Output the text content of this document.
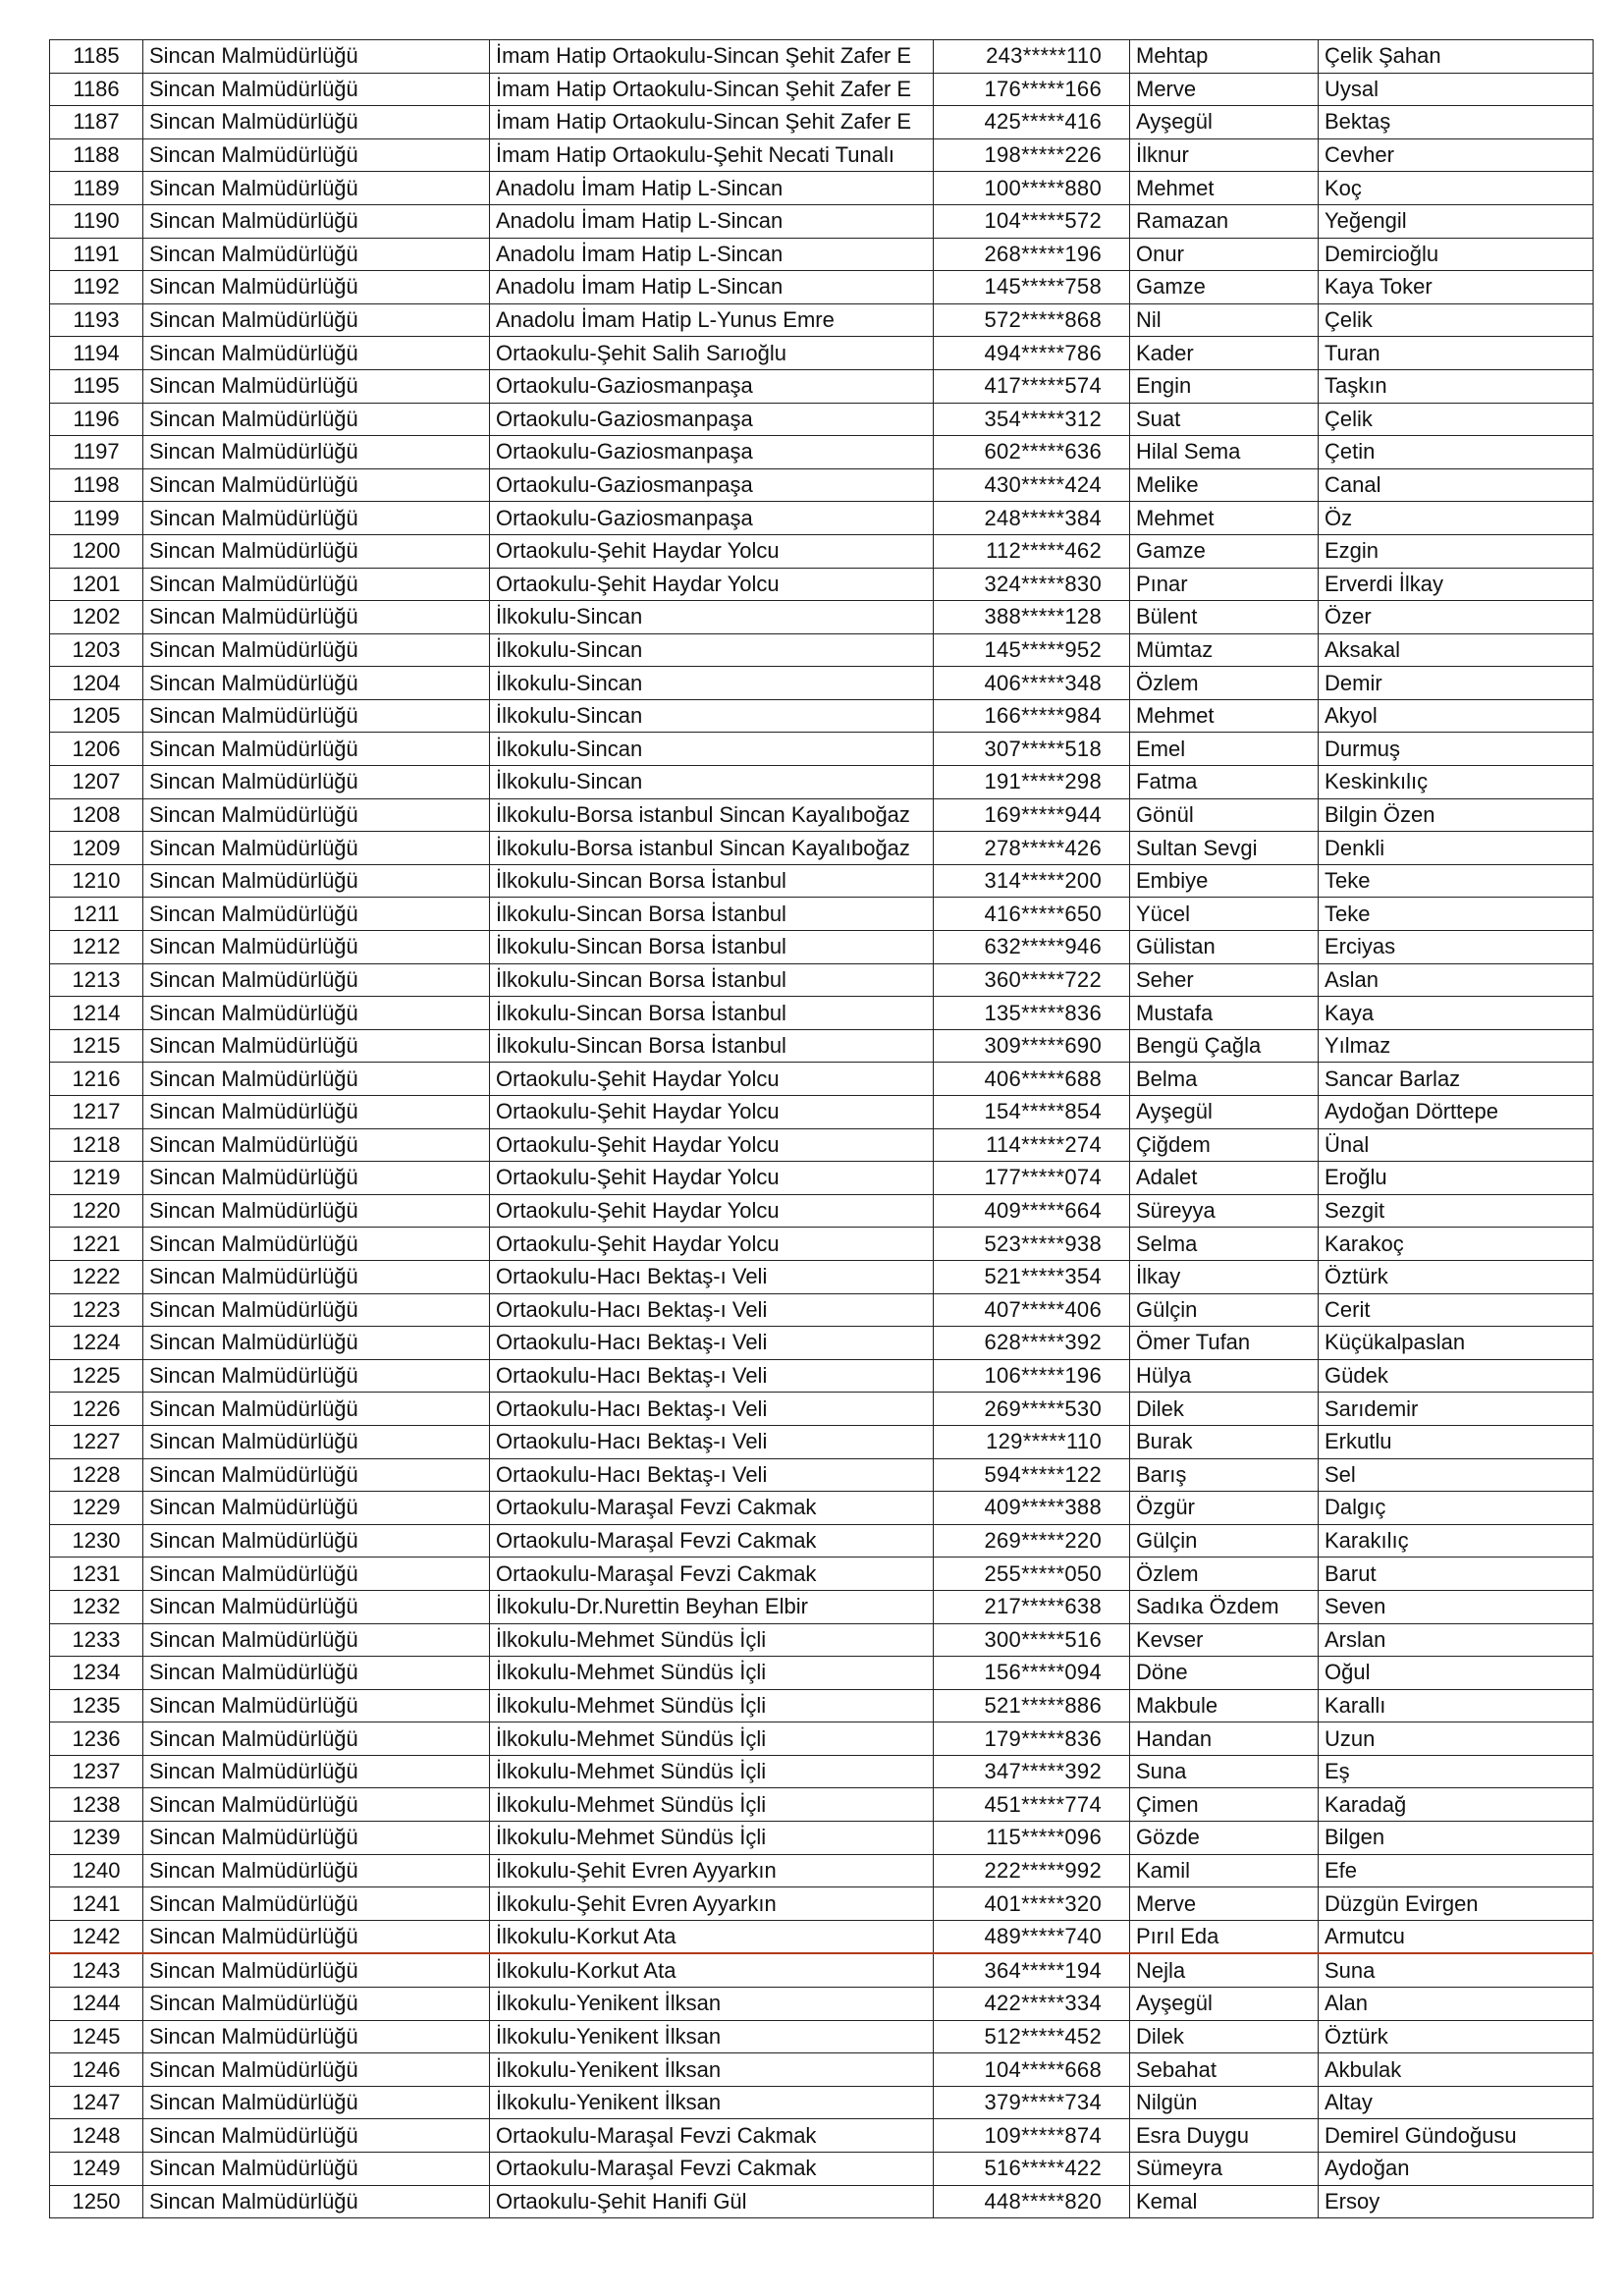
1185	Sincan Malmüdürlüğü	İmam Hatip Ortaokulu-Sincan Şehit Zafer E	243*****110	Mehtap	Çelik Şahan
1186	Sincan Malmüdürlüğü	İmam Hatip Ortaokulu-Sincan Şehit Zafer E	176*****166	Merve	Uysal
1187	Sincan Malmüdürlüğü	İmam Hatip Ortaokulu-Sincan Şehit Zafer E	425*****416	Ayşegül	Bektaş
1188	Sincan Malmüdürlüğü	İmam Hatip Ortaokulu-Şehit Necati Tunalı	198*****226	İlknur	Cevher
1189	Sincan Malmüdürlüğü	Anadolu İmam Hatip L-Sincan	100*****880	Mehmet	Koç
1190	Sincan Malmüdürlüğü	Anadolu İmam Hatip L-Sincan	104*****572	Ramazan	Yeğengil
1191	Sincan Malmüdürlüğü	Anadolu İmam Hatip L-Sincan	268*****196	Onur	Demircioğlu
1192	Sincan Malmüdürlüğü	Anadolu İmam Hatip L-Sincan	145*****758	Gamze	Kaya Toker
1193	Sincan Malmüdürlüğü	Anadolu İmam Hatip L-Yunus Emre	572*****868	Nil	Çelik
1194	Sincan Malmüdürlüğü	Ortaokulu-Şehit Salih Sarıoğlu	494*****786	Kader	Turan
1195	Sincan Malmüdürlüğü	Ortaokulu-Gaziosmanpaşa	417*****574	Engin	Taşkın
1196	Sincan Malmüdürlüğü	Ortaokulu-Gaziosmanpaşa	354*****312	Suat	Çelik
1197	Sincan Malmüdürlüğü	Ortaokulu-Gaziosmanpaşa	602*****636	Hilal Sema	Çetin
1198	Sincan Malmüdürlüğü	Ortaokulu-Gaziosmanpaşa	430*****424	Melike	Canal
1199	Sincan Malmüdürlüğü	Ortaokulu-Gaziosmanpaşa	248*****384	Mehmet	Öz
1200	Sincan Malmüdürlüğü	Ortaokulu-Şehit Haydar Yolcu	112*****462	Gamze	Ezgin
1201	Sincan Malmüdürlüğü	Ortaokulu-Şehit Haydar Yolcu	324*****830	Pınar	Erverdi İlkay
1202	Sincan Malmüdürlüğü	İlkokulu-Sincan	388*****128	Bülent	Özer
1203	Sincan Malmüdürlüğü	İlkokulu-Sincan	145*****952	Mümtaz	Aksakal
1204	Sincan Malmüdürlüğü	İlkokulu-Sincan	406*****348	Özlem	Demir
1205	Sincan Malmüdürlüğü	İlkokulu-Sincan	166*****984	Mehmet	Akyol
1206	Sincan Malmüdürlüğü	İlkokulu-Sincan	307*****518	Emel	Durmuş
1207	Sincan Malmüdürlüğü	İlkokulu-Sincan	191*****298	Fatma	Keskinkılıç
1208	Sincan Malmüdürlüğü	İlkokulu-Borsa istanbul Sincan Kayalıboğaz	169*****944	Gönül	Bilgin Özen
1209	Sincan Malmüdürlüğü	İlkokulu-Borsa istanbul Sincan Kayalıboğaz	278*****426	Sultan Sevgi	Denkli
1210	Sincan Malmüdürlüğü	İlkokulu-Sincan Borsa İstanbul	314*****200	Embiye	Teke
1211	Sincan Malmüdürlüğü	İlkokulu-Sincan Borsa İstanbul	416*****650	Yücel	Teke
1212	Sincan Malmüdürlüğü	İlkokulu-Sincan Borsa İstanbul	632*****946	Gülistan	Erciyas
1213	Sincan Malmüdürlüğü	İlkokulu-Sincan Borsa İstanbul	360*****722	Seher	Aslan
1214	Sincan Malmüdürlüğü	İlkokulu-Sincan Borsa İstanbul	135*****836	Mustafa	Kaya
1215	Sincan Malmüdürlüğü	İlkokulu-Sincan Borsa İstanbul	309*****690	Bengü Çağla	Yılmaz
1216	Sincan Malmüdürlüğü	Ortaokulu-Şehit Haydar Yolcu	406*****688	Belma	Sancar Barlaz
1217	Sincan Malmüdürlüğü	Ortaokulu-Şehit Haydar Yolcu	154*****854	Ayşegül	Aydoğan Dörttepe
1218	Sincan Malmüdürlüğü	Ortaokulu-Şehit Haydar Yolcu	114*****274	Çiğdem	Ünal
1219	Sincan Malmüdürlüğü	Ortaokulu-Şehit Haydar Yolcu	177*****074	Adalet	Eroğlu
1220	Sincan Malmüdürlüğü	Ortaokulu-Şehit Haydar Yolcu	409*****664	Süreyya	Sezgit
1221	Sincan Malmüdürlüğü	Ortaokulu-Şehit Haydar Yolcu	523*****938	Selma	Karakoç
1222	Sincan Malmüdürlüğü	Ortaokulu-Hacı Bektaş-ı Veli	521*****354	İlkay	Öztürk
1223	Sincan Malmüdürlüğü	Ortaokulu-Hacı Bektaş-ı Veli	407*****406	Gülçin	Cerit
1224	Sincan Malmüdürlüğü	Ortaokulu-Hacı Bektaş-ı Veli	628*****392	Ömer Tufan	Küçükalpaslan
1225	Sincan Malmüdürlüğü	Ortaokulu-Hacı Bektaş-ı Veli	106*****196	Hülya	Güdek
1226	Sincan Malmüdürlüğü	Ortaokulu-Hacı Bektaş-ı Veli	269*****530	Dilek	Sarıdemir
1227	Sincan Malmüdürlüğü	Ortaokulu-Hacı Bektaş-ı Veli	129*****110	Burak	Erkutlu
1228	Sincan Malmüdürlüğü	Ortaokulu-Hacı Bektaş-ı Veli	594*****122	Barış	Sel
1229	Sincan Malmüdürlüğü	Ortaokulu-Maraşal Fevzi Cakmak	409*****388	Özgür	Dalgıç
1230	Sincan Malmüdürlüğü	Ortaokulu-Maraşal Fevzi Cakmak	269*****220	Gülçin	Karakılıç
1231	Sincan Malmüdürlüğü	Ortaokulu-Maraşal Fevzi Cakmak	255*****050	Özlem	Barut
1232	Sincan Malmüdürlüğü	İlkokulu-Dr.Nurettin Beyhan Elbir	217*****638	Sadıka Özdem	Seven
1233	Sincan Malmüdürlüğü	İlkokulu-Mehmet Sündüs İçli	300*****516	Kevser	Arslan
1234	Sincan Malmüdürlüğü	İlkokulu-Mehmet Sündüs İçli	156*****094	Döne	Oğul
1235	Sincan Malmüdürlüğü	İlkokulu-Mehmet Sündüs İçli	521*****886	Makbule	Karallı
1236	Sincan Malmüdürlüğü	İlkokulu-Mehmet Sündüs İçli	179*****836	Handan	Uzun
1237	Sincan Malmüdürlüğü	İlkokulu-Mehmet Sündüs İçli	347*****392	Suna	Eş
1238	Sincan Malmüdürlüğü	İlkokulu-Mehmet Sündüs İçli	451*****774	Çimen	Karadağ
1239	Sincan Malmüdürlüğü	İlkokulu-Mehmet Sündüs İçli	115*****096	Gözde	Bilgen
1240	Sincan Malmüdürlüğü	İlkokulu-Şehit Evren Ayyarkın	222*****992	Kamil	Efe
1241	Sincan Malmüdürlüğü	İlkokulu-Şehit Evren Ayyarkın	401*****320	Merve	Düzgün Evirgen
1242	Sincan Malmüdürlüğü	İlkokulu-Korkut Ata	489*****740	Pırıl Eda	Armutcu
1243	Sincan Malmüdürlüğü	İlkokulu-Korkut Ata	364*****194	Nejla	Suna
1244	Sincan Malmüdürlüğü	İlkokulu-Yenikent İlksan	422*****334	Ayşegül	Alan
1245	Sincan Malmüdürlüğü	İlkokulu-Yenikent İlksan	512*****452	Dilek	Öztürk
1246	Sincan Malmüdürlüğü	İlkokulu-Yenikent İlksan	104*****668	Sebahat	Akbulak
1247	Sincan Malmüdürlüğü	İlkokulu-Yenikent İlksan	379*****734	Nilgün	Altay
1248	Sincan Malmüdürlüğü	Ortaokulu-Maraşal Fevzi Cakmak	109*****874	Esra Duygu	Demirel Gündoğusu
1249	Sincan Malmüdürlüğü	Ortaokulu-Maraşal Fevzi Cakmak	516*****422	Sümeyra	Aydoğan
1250	Sincan Malmüdürlüğü	Ortaokulu-Şehit Hanifi Gül	448*****820	Kemal	Ersoy
